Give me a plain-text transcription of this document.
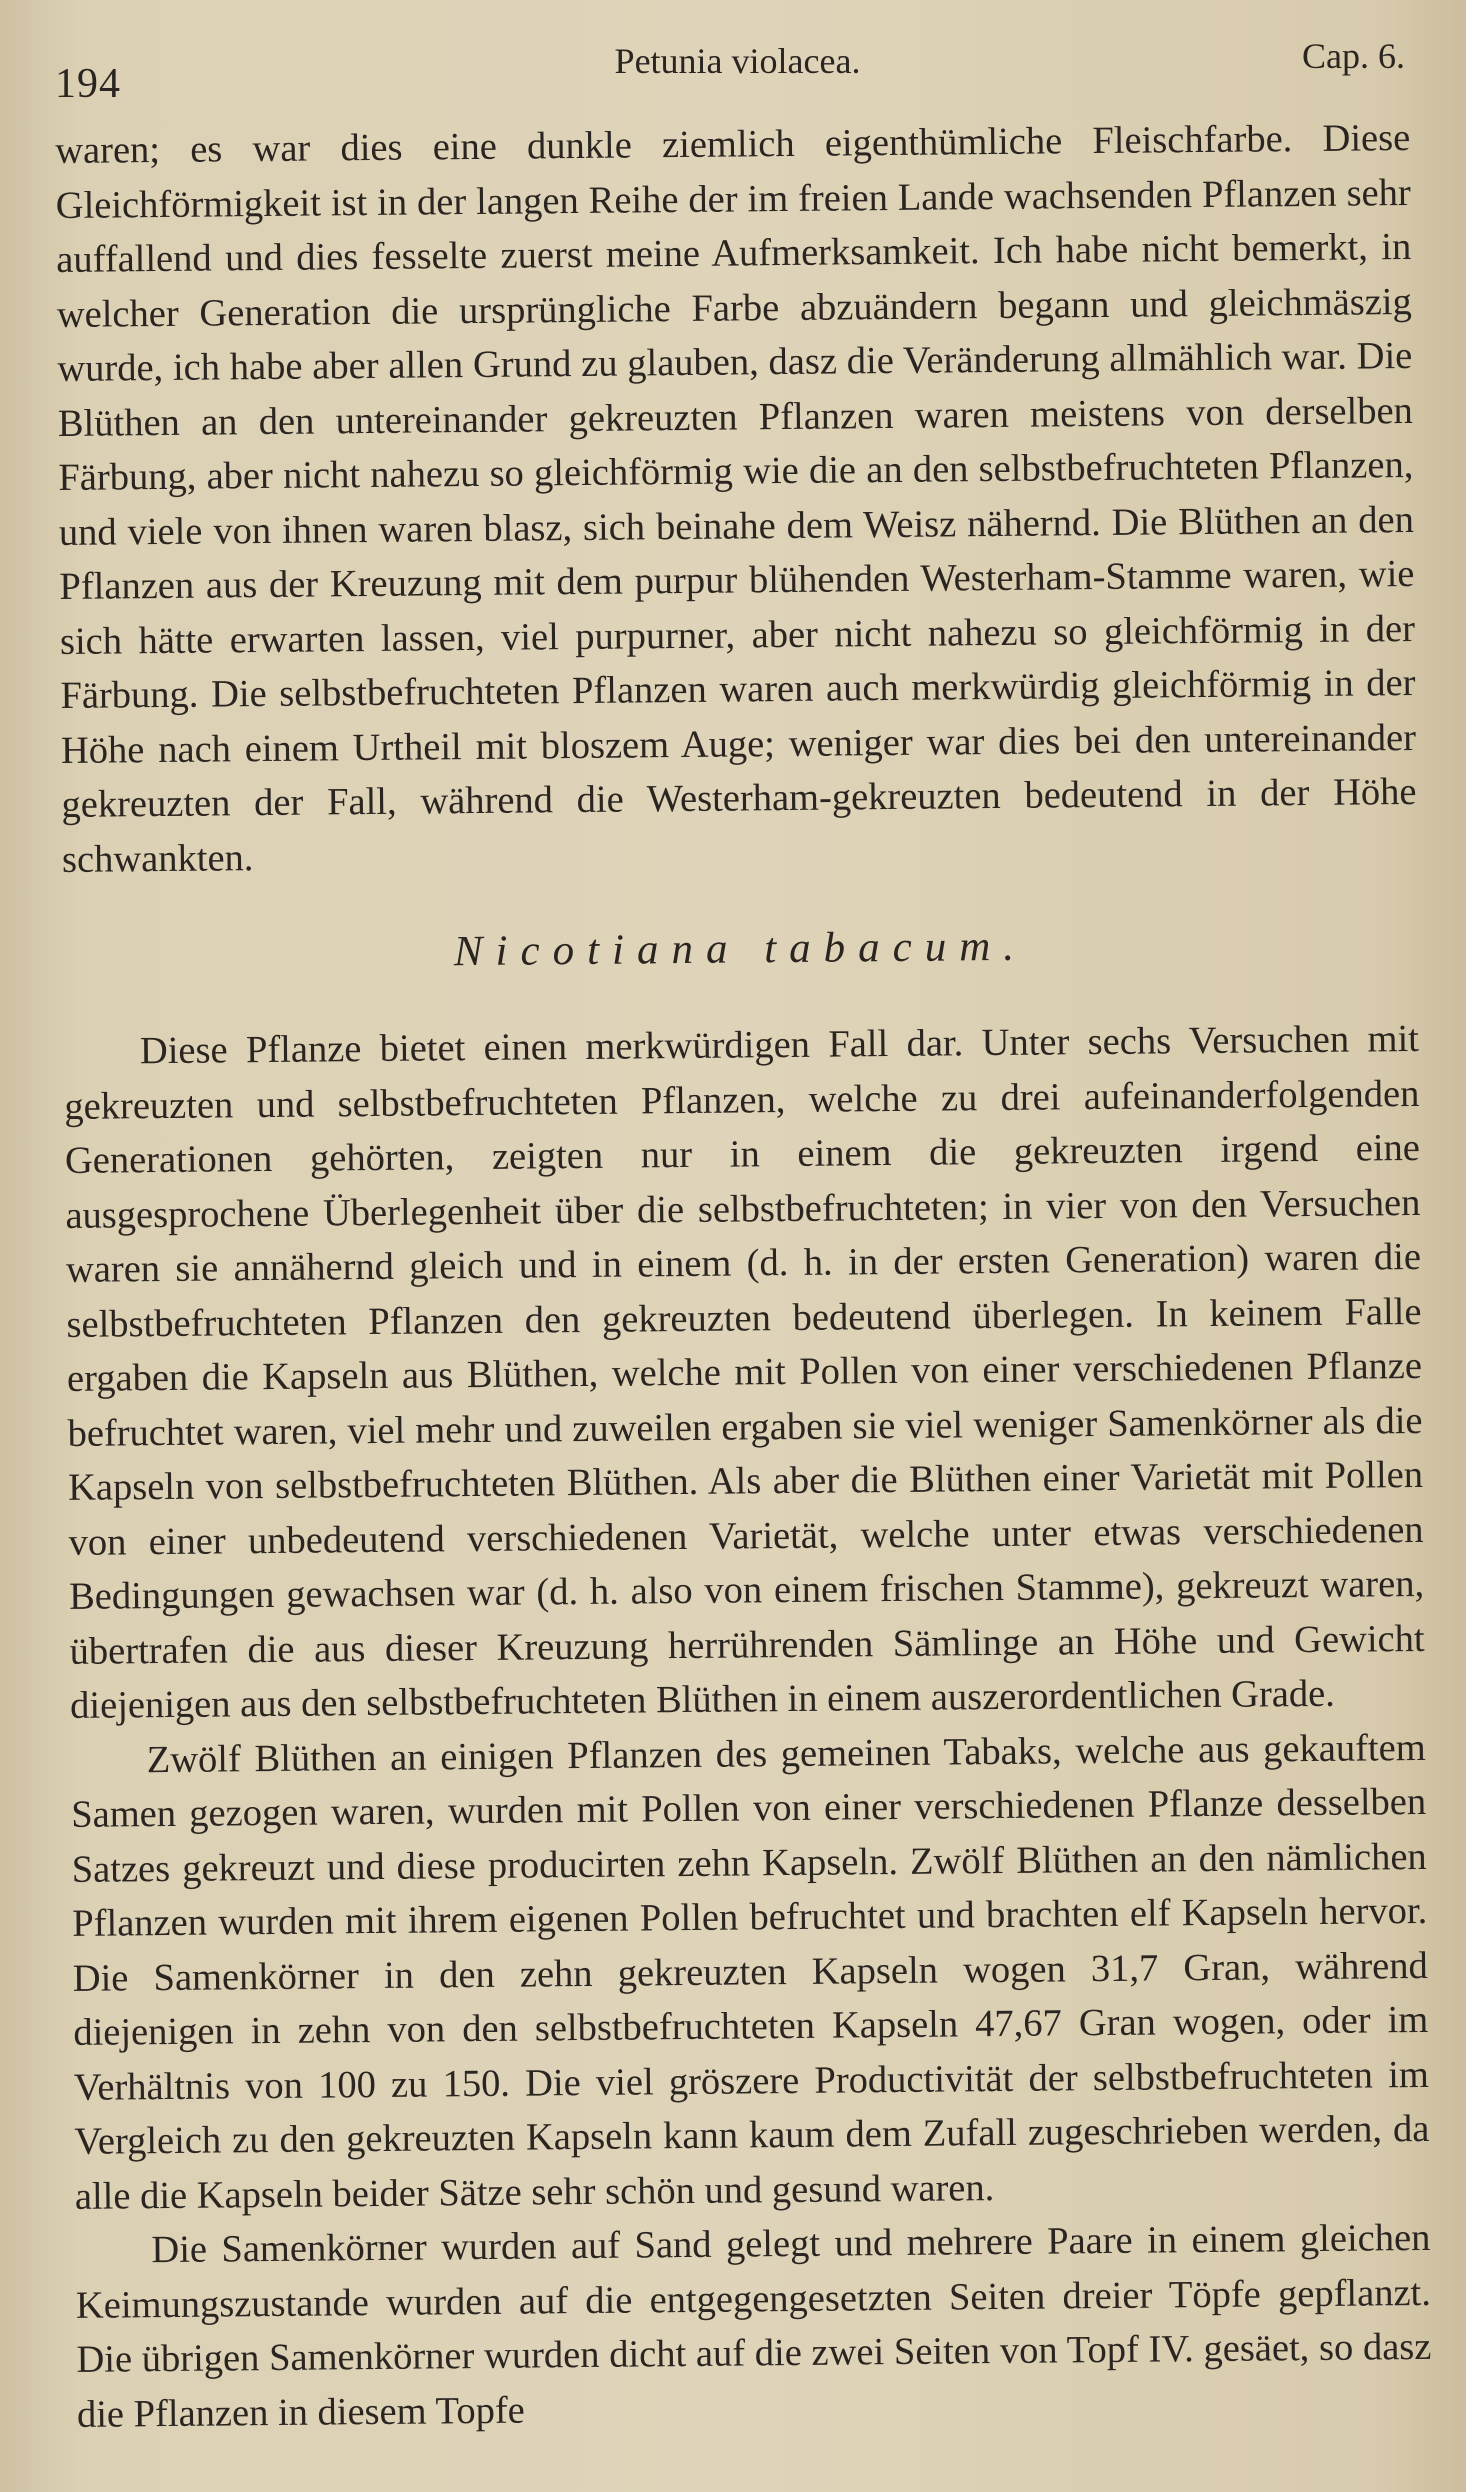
194	Petunia violacea.	Cap. 6.

waren; es war dies eine dunkle ziemlich eigenthümliche Fleischfarbe. Diese Gleichförmigkeit ist in der langen Reihe der im freien Lande wachsenden Pflanzen sehr auffallend und dies fesselte zuerst meine Aufmerksamkeit. Ich habe nicht bemerkt, in welcher Generation die ursprüngliche Farbe abzuändern begann und gleichmäszig wurde, ich habe aber allen Grund zu glauben, dasz die Veränderung allmählich war. Die Blüthen an den untereinander gekreuzten Pflanzen waren meistens von derselben Färbung, aber nicht nahezu so gleichförmig wie die an den selbstbefruchteten Pflanzen, und viele von ihnen waren blasz, sich beinahe dem Weisz nähernd. Die Blüthen an den Pflanzen aus der Kreuzung mit dem purpur blühenden Westerham-Stamme waren, wie sich hätte erwarten lassen, viel purpurner, aber nicht nahezu so gleichförmig in der Färbung. Die selbstbefruchteten Pflanzen waren auch merkwürdig gleichförmig in der Höhe nach einem Urtheil mit bloszem Auge; weniger war dies bei den untereinander gekreuzten der Fall, während die Westerham-gekreuzten bedeutend in der Höhe schwankten.

Nicotiana tabacum.

Diese Pflanze bietet einen merkwürdigen Fall dar. Unter sechs Versuchen mit gekreuzten und selbstbefruchteten Pflanzen, welche zu drei aufeinanderfolgenden Generationen gehörten, zeigten nur in einem die gekreuzten irgend eine ausgesprochene Überlegenheit über die selbstbefruchteten; in vier von den Versuchen waren sie annähernd gleich und in einem (d. h. in der ersten Generation) waren die selbstbefruchteten Pflanzen den gekreuzten bedeutend überlegen. In keinem Falle ergaben die Kapseln aus Blüthen, welche mit Pollen von einer verschiedenen Pflanze befruchtet waren, viel mehr und zuweilen ergaben sie viel weniger Samenkörner als die Kapseln von selbstbefruchteten Blüthen. Als aber die Blüthen einer Varietät mit Pollen von einer unbedeutend verschiedenen Varietät, welche unter etwas verschiedenen Bedingungen gewachsen war (d. h. also von einem frischen Stamme), gekreuzt waren, übertrafen die aus dieser Kreuzung herrührenden Sämlinge an Höhe und Gewicht diejenigen aus den selbstbefruchteten Blüthen in einem auszerordentlichen Grade.

Zwölf Blüthen an einigen Pflanzen des gemeinen Tabaks, welche aus gekauftem Samen gezogen waren, wurden mit Pollen von einer verschiedenen Pflanze desselben Satzes gekreuzt und diese producirten zehn Kapseln. Zwölf Blüthen an den nämlichen Pflanzen wurden mit ihrem eigenen Pollen befruchtet und brachten elf Kapseln hervor. Die Samenkörner in den zehn gekreuzten Kapseln wogen 31,7 Gran, während diejenigen in zehn von den selbstbefruchteten Kapseln 47,67 Gran wogen, oder im Verhältnis von 100 zu 150. Die viel gröszere Productivität der selbstbefruchteten im Vergleich zu den gekreuzten Kapseln kann kaum dem Zufall zugeschrieben werden, da alle die Kapseln beider Sätze sehr schön und gesund waren.

Die Samenkörner wurden auf Sand gelegt und mehrere Paare in einem gleichen Keimungszustande wurden auf die entgegengesetzten Seiten dreier Töpfe gepflanzt. Die übrigen Samenkörner wurden dicht auf die zwei Seiten von Topf IV. gesäet, so dasz die Pflanzen in diesem Topfe
